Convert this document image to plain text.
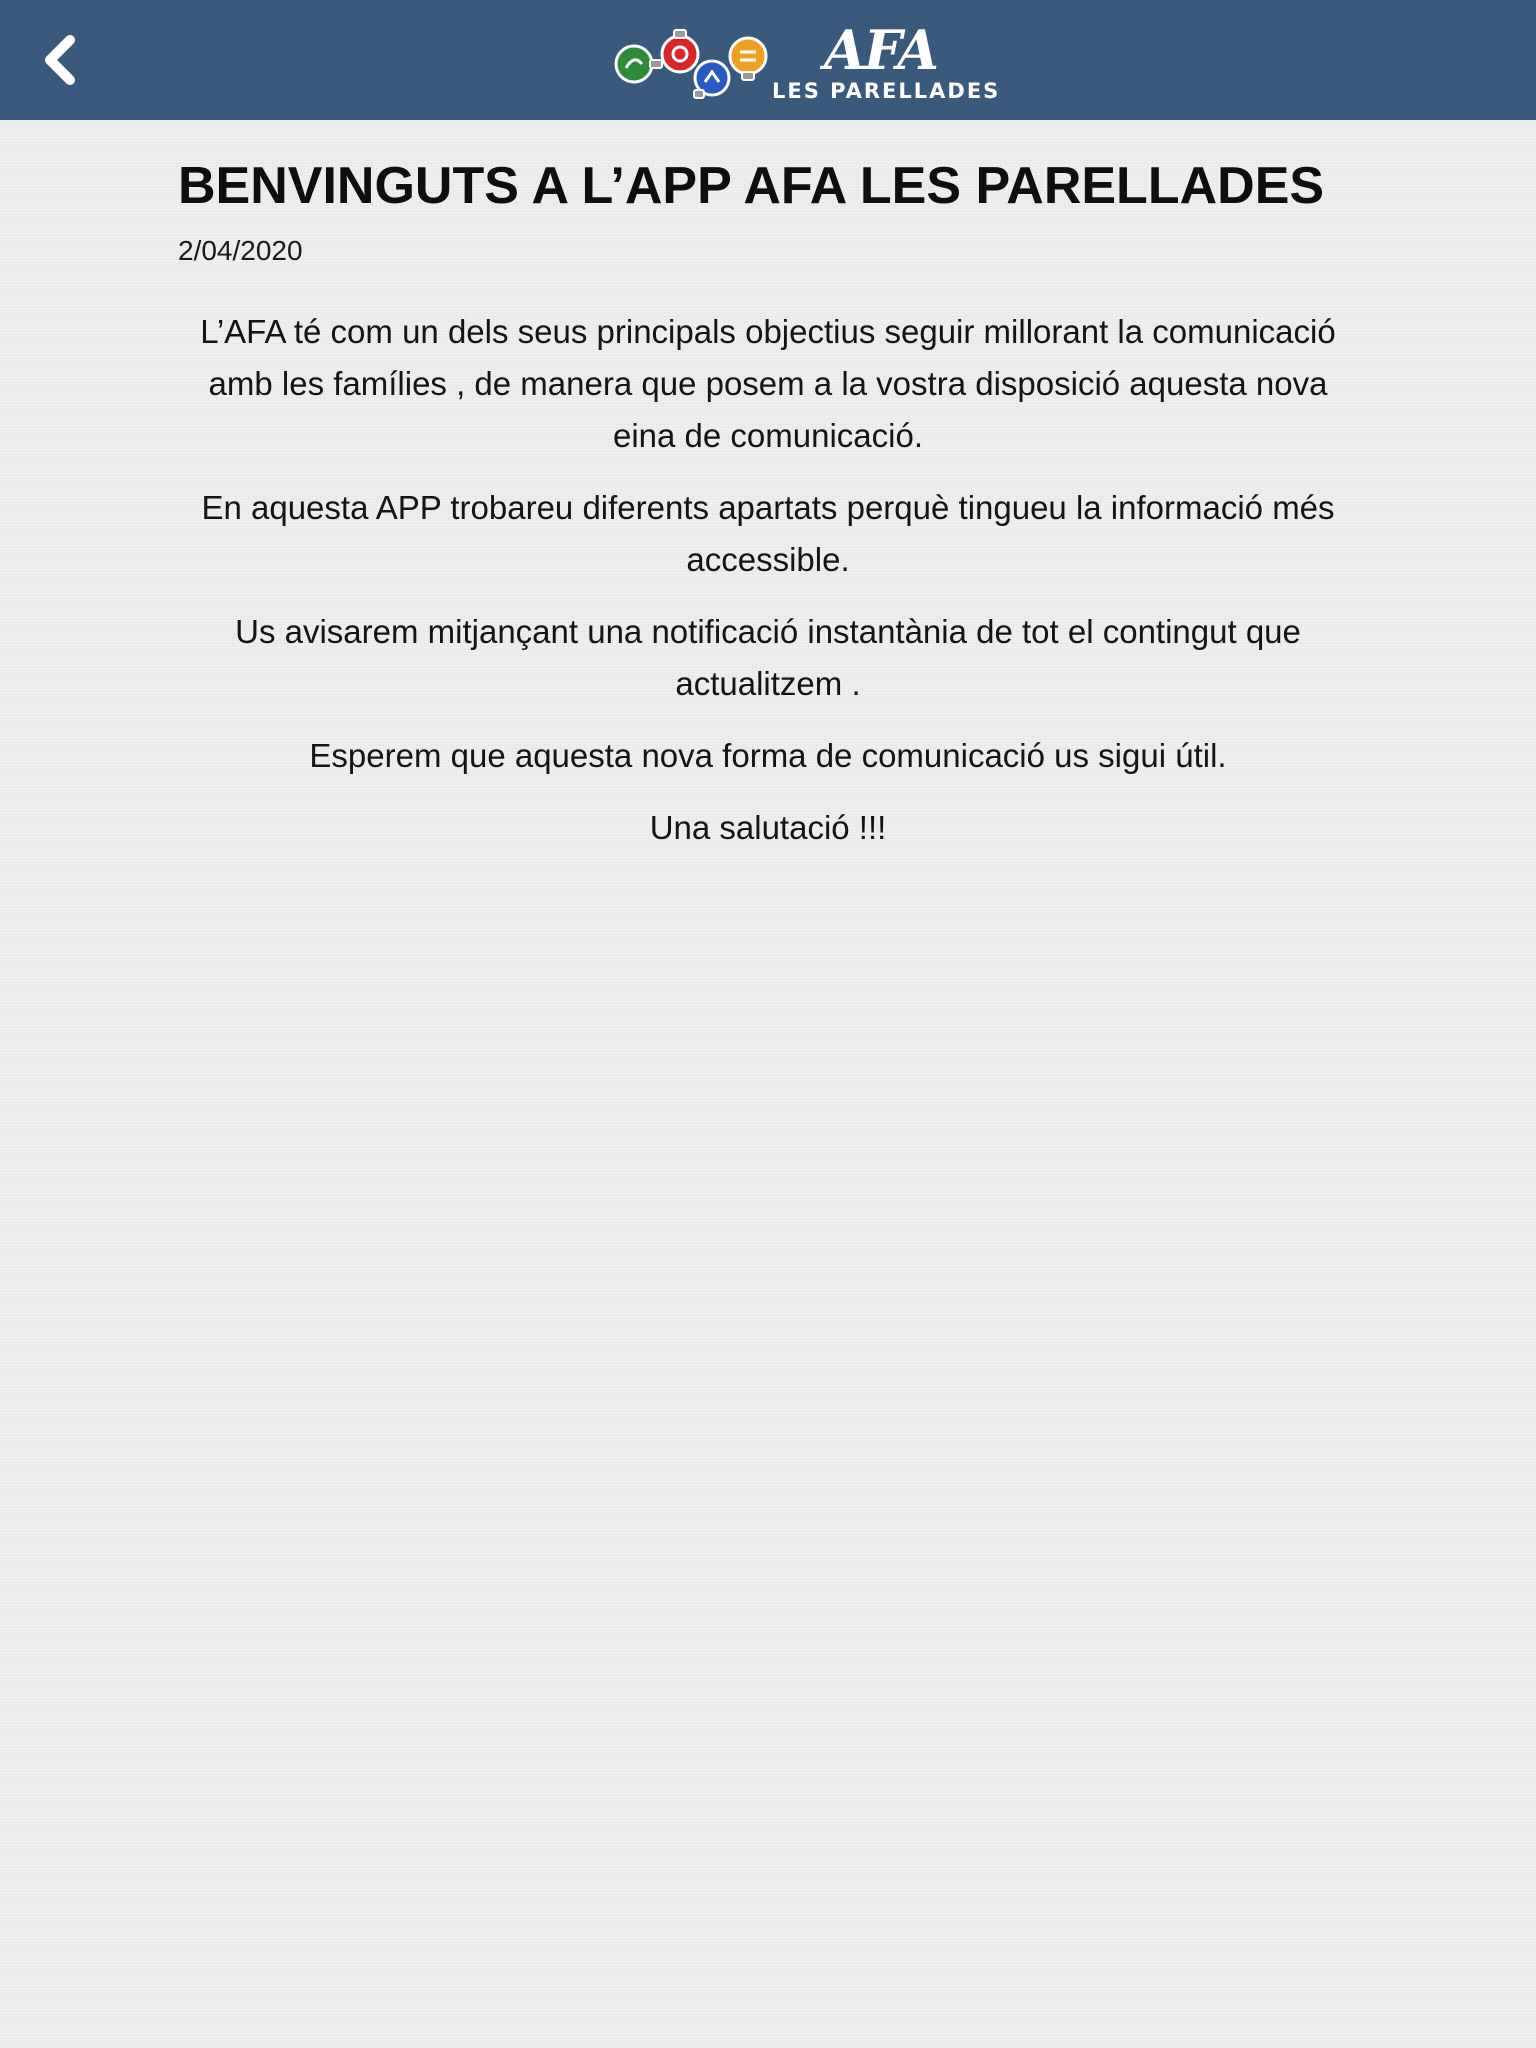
AFA
LES PARELLADES
BENVINGUTS A L’APP AFA LES PARELLADES
2/04/2020

L’AFA té com un dels seus principals objectius seguir millorant la comunicació amb les famílies , de manera que posem a la vostra disposició aquesta nova eina de comunicació.

En aquesta APP trobareu diferents apartats perquè tingueu la informació més accessible.

Us avisarem mitjançant una notificació instantània de tot el contingut que actualitzem .

Esperem que aquesta nova forma de comunicació us sigui útil.

Una salutació !!!
